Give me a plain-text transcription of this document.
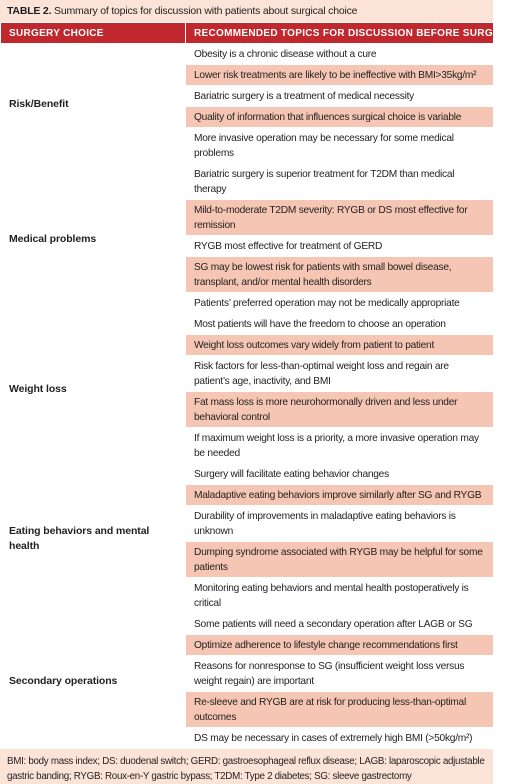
TABLE 2. Summary of topics for discussion with patients about surgical choice
SURGERY CHOICE	RECOMMENDED TOPICS FOR DISCUSSION BEFORE SURGERY
Risk/Benefit	Obesity is a chronic disease without a cure
	Lower risk treatments are likely to be ineffective with BMI>35kg/m²
	Bariatric surgery is a treatment of medical necessity
	Quality of information that influences surgical choice is variable
	More invasive operation may be necessary for some medical problems
Medical problems	Bariatric surgery is superior treatment for T2DM than medical therapy
	Mild-to-moderate T2DM severity: RYGB or DS most effective for remission
	RYGB most effective for treatment of GERD
	SG may be lowest risk for patients with small bowel disease, transplant, and/or mental health disorders
	Patients’ preferred operation may not be medically appropriate
Weight loss	Most patients will have the freedom to choose an operation
	Weight loss outcomes vary widely from patient to patient
	Risk factors for less-than-optimal weight loss and regain are patient’s age, inactivity, and BMI
	Fat mass loss is more neurohormonally driven and less under behavioral control
	If maximum weight loss is a priority, a more invasive operation may be needed
Eating behaviors and mental health	Surgery will facilitate eating behavior changes
	Maladaptive eating behaviors improve similarly after SG and RYGB
	Durability of improvements in maladaptive eating behaviors is unknown
	Dumping syndrome associated with RYGB may be helpful for some patients
	Monitoring eating behaviors and mental health postoperatively is critical
Secondary operations	Some patients will need a secondary operation after LAGB or SG
	Optimize adherence to lifestyle change recommendations first
	Reasons for nonresponse to SG (insufficient weight loss versus weight regain) are important
	Re-sleeve and RYGB are at risk for producing less-than-optimal outcomes
	DS may be necessary in cases of extremely high BMI (>50kg/m²)
BMI: body mass index; DS: duodenal switch; GERD: gastroesophageal reflux disease; LAGB: laparoscopic adjustable gastric banding; RYGB: Roux-en-Y gastric bypass; T2DM: Type 2 diabetes; SG: sleeve gastrectomy
